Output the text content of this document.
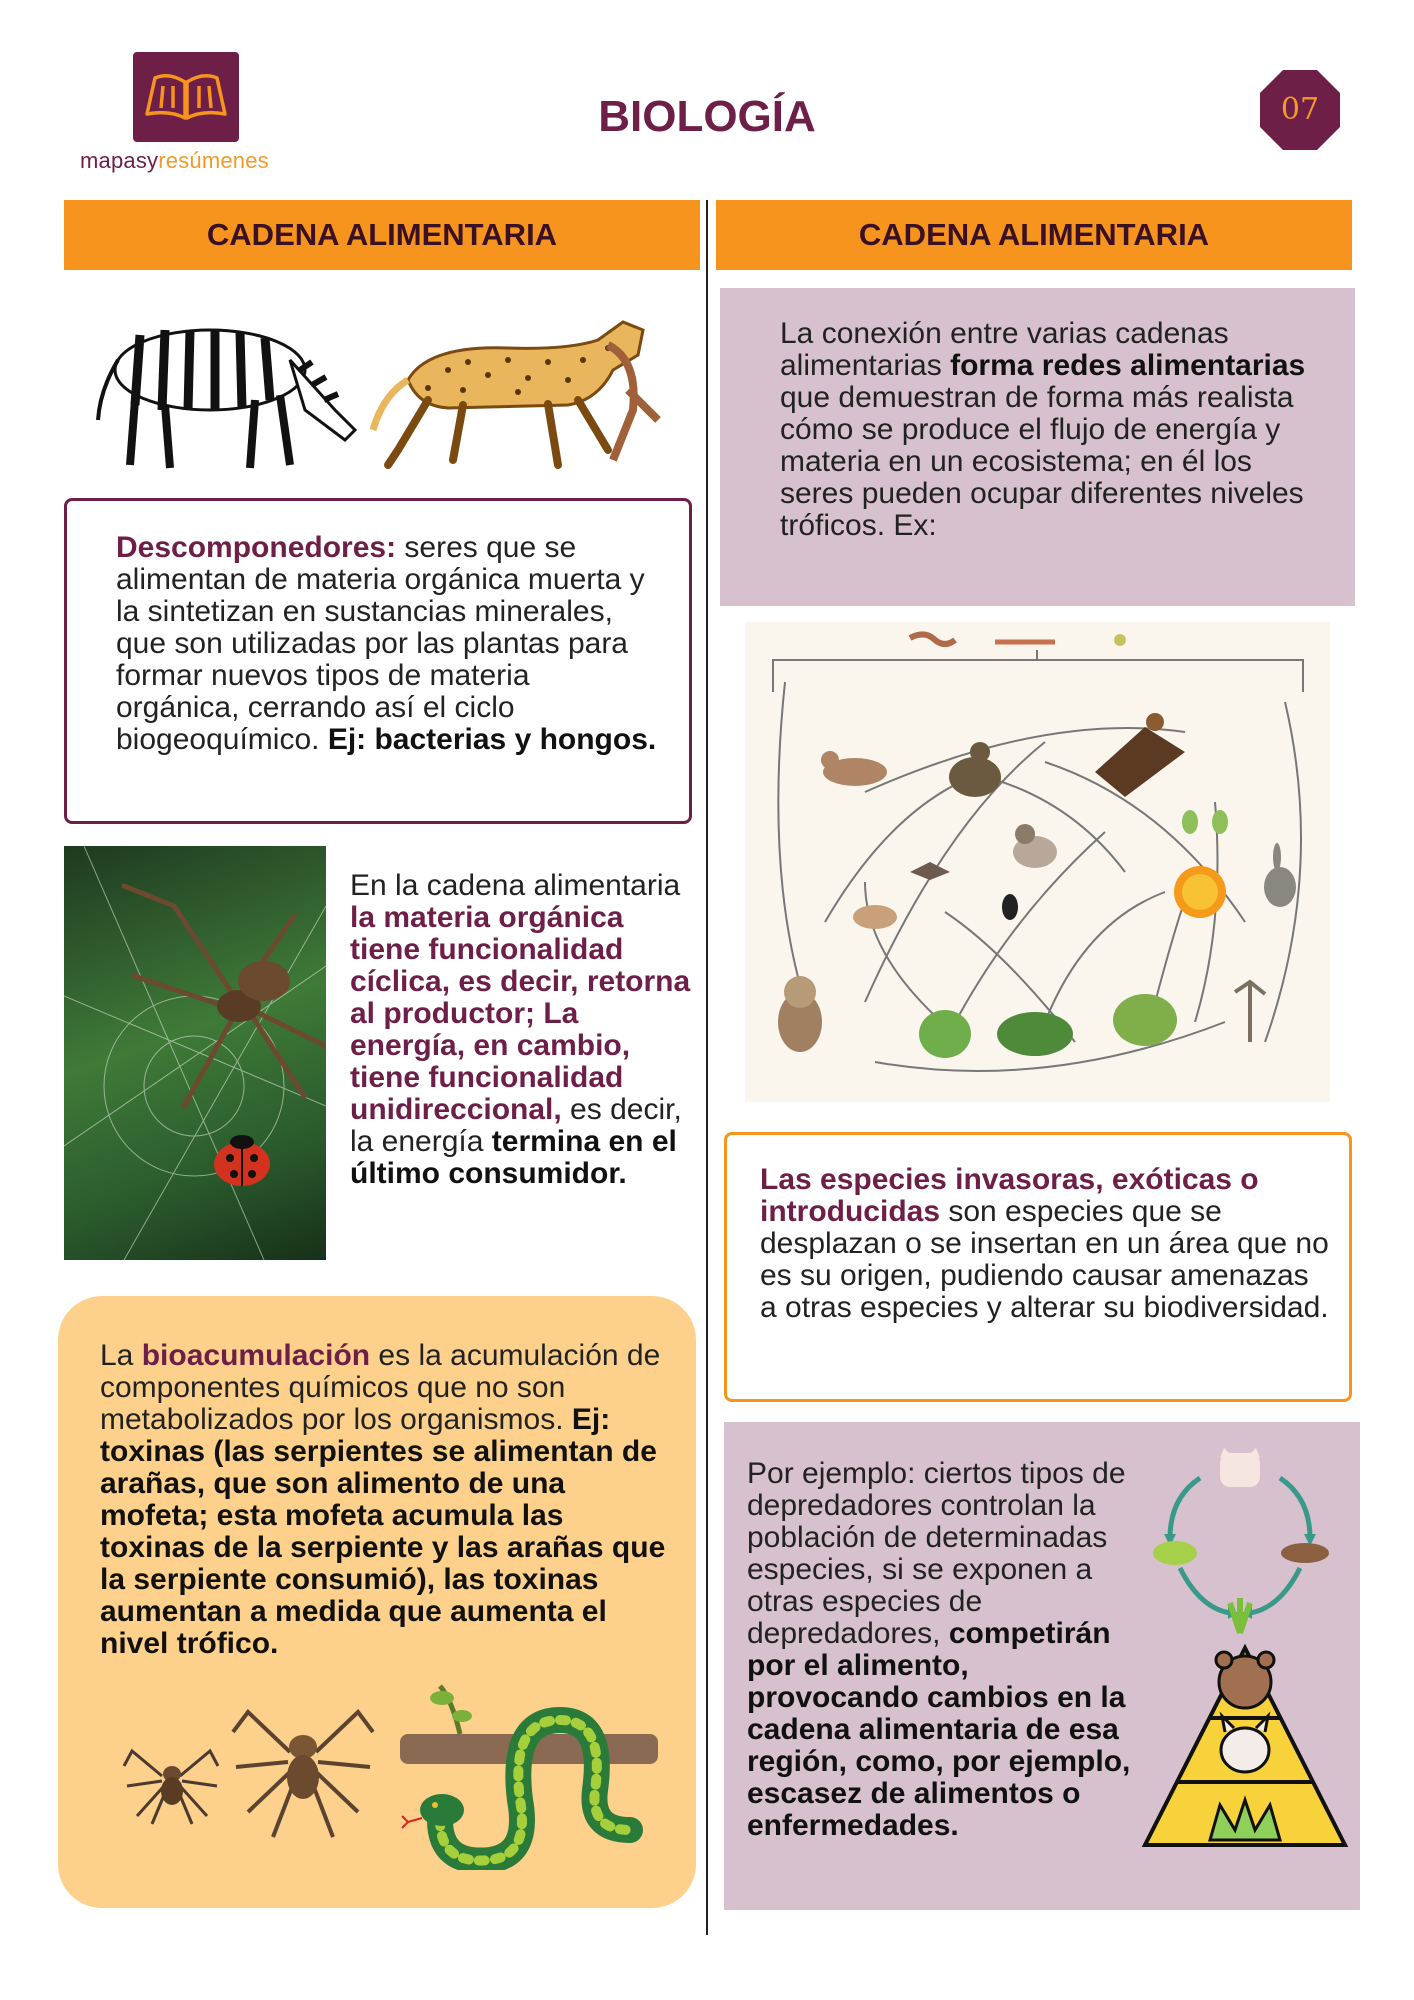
mapasyresúmenes
BIOLOGÍA	07
CADENA ALIMENTARIA	CADENA ALIMENTARIA
Descomponedores: seres que se alimentan de materia orgánica muerta y la sintetizan en sustancias minerales, que son utilizadas por las plantas para formar nuevos tipos de materia orgánica, cerrando así el ciclo biogeoquímico. Ej: bacterias y hongos.
En la cadena alimentaria la materia orgánica tiene funcionalidad cíclica, es decir, retorna al productor; La energía, en cambio, tiene funcionalidad unidireccional, es decir, la energía termina en el último consumidor.
La bioacumulación es la acumulación de componentes químicos que no son metabolizados por los organismos. Ej: toxinas (las serpientes se alimentan de arañas, que son alimento de una mofeta; esta mofeta acumula las toxinas de la serpiente y las arañas que la serpiente consumió), las toxinas aumentan a medida que aumenta el nivel trófico.
La conexión entre varias cadenas alimentarias forma redes alimentarias que demuestran de forma más realista cómo se produce el flujo de energía y materia en un ecosistema; en él los seres pueden ocupar diferentes niveles tróficos. Ex:
Las especies invasoras, exóticas o introducidas son especies que se desplazan o se insertan en un área que no es su origen, pudiendo causar amenazas a otras especies y alterar su biodiversidad.
Por ejemplo: ciertos tipos de depredadores controlan la población de determinadas especies, si se exponen a otras especies de depredadores, competirán por el alimento, provocando cambios en la cadena alimentaria de esa región, como, por ejemplo, escasez de alimentos o enfermedades.
